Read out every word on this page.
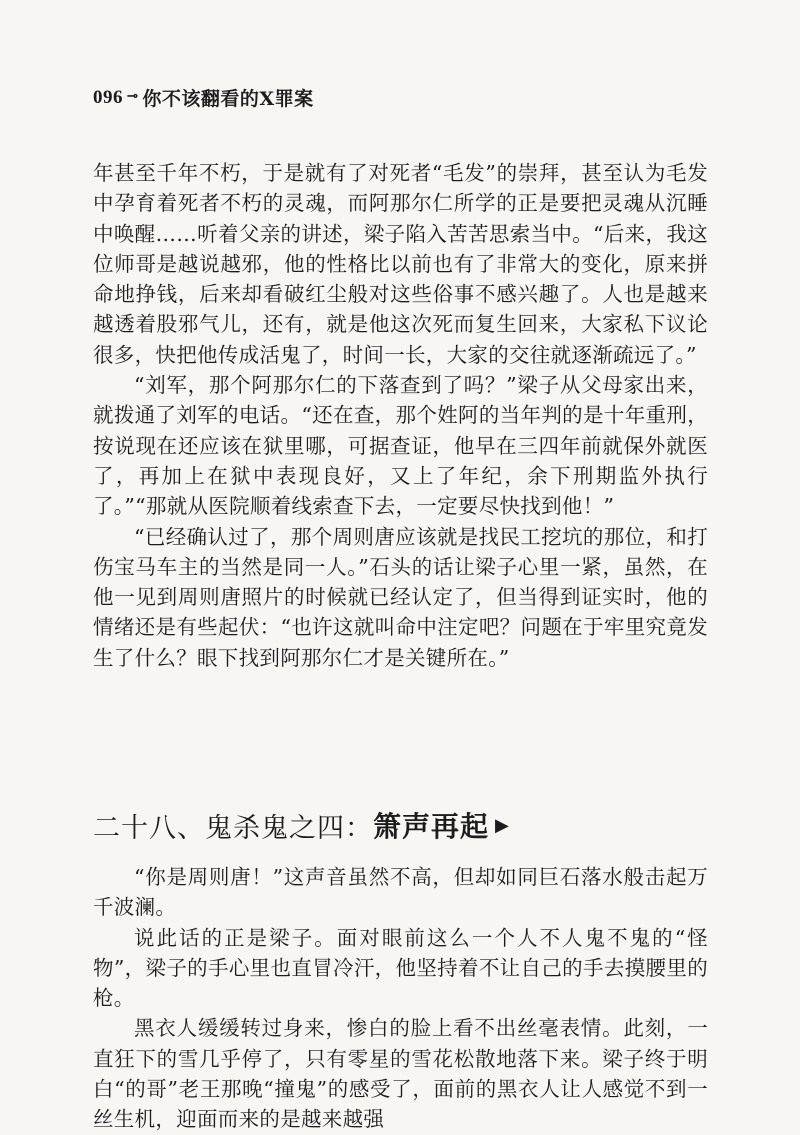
096 ⊸ 你不该翻看的X罪案

年甚至千年不朽，于是就有了对死者“毛发”的崇拜，甚至认为毛发中孕育着死者不朽的灵魂，而阿那尔仁所学的正是要把灵魂从沉睡中唤醒……听着父亲的讲述，梁子陷入苦苦思索当中。“后来，我这位师哥是越说越邪，他的性格比以前也有了非常大的变化，原来拼命地挣钱，后来却看破红尘般对这些俗事不感兴趣了。人也是越来越透着股邪气儿，还有，就是他这次死而复生回来，大家私下议论很多，快把他传成活鬼了，时间一长，大家的交往就逐渐疏远了。”

“刘军，那个阿那尔仁的下落查到了吗？”梁子从父母家出来，就拨通了刘军的电话。“还在查，那个姓阿的当年判的是十年重刑，按说现在还应该在狱里哪，可据查证，他早在三四年前就保外就医了，再加上在狱中表现良好，又上了年纪，余下刑期监外执行了。”“那就从医院顺着线索查下去，一定要尽快找到他！”

“已经确认过了，那个周则唐应该就是找民工挖坑的那位，和打伤宝马车主的当然是同一人。”石头的话让梁子心里一紧，虽然，在他一见到周则唐照片的时候就已经认定了，但当得到证实时，他的情绪还是有些起伏：“也许这就叫命中注定吧？问题在于牢里究竟发生了什么？眼下找到阿那尔仁才是关键所在。”

二十八、鬼杀鬼之四： 箫声再起 ▶

“你是周则唐！”这声音虽然不高，但却如同巨石落水般击起万千波澜。

说此话的正是梁子。面对眼前这么一个人不人鬼不鬼的“怪物”，梁子的手心里也直冒冷汗，他坚持着不让自己的手去摸腰里的枪。

黑衣人缓缓转过身来，惨白的脸上看不出丝毫表情。此刻，一直狂下的雪几乎停了，只有零星的雪花松散地落下来。梁子终于明白“的哥”老王那晚“撞鬼”的感受了，面前的黑衣人让人感觉不到一丝生机，迎面而来的是越来越强
